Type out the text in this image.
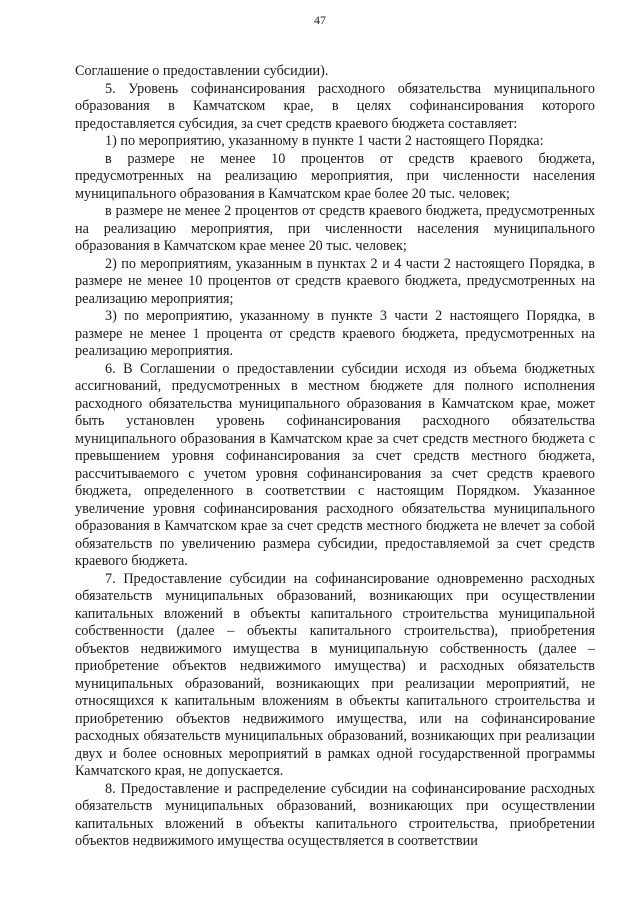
47

Соглашение о предоставлении субсидии).

5. Уровень софинансирования расходного обязательства муниципального образования в Камчатском крае, в целях софинансирования которого предоставляется субсидия, за счет средств краевого бюджета составляет:

1) по мероприятию, указанному в пункте 1 части 2 настоящего Порядка:

в размере не менее 10 процентов от средств краевого бюджета, предусмотренных на реализацию мероприятия, при численности населения муниципального образования в Камчатском крае более 20 тыс. человек;

в размере не менее 2 процентов от средств краевого бюджета, предусмотренных на реализацию мероприятия, при численности населения муниципального образования в Камчатском крае менее 20 тыс. человек;

2) по мероприятиям, указанным в пунктах 2 и 4 части 2 настоящего Порядка, в размере не менее 10 процентов от средств краевого бюджета, предусмотренных на реализацию мероприятия;

3) по мероприятию, указанному в пункте 3 части 2 настоящего Порядка, в размере не менее 1 процента от средств краевого бюджета, предусмотренных на реализацию мероприятия.

6. В Соглашении о предоставлении субсидии исходя из объема бюджетных ассигнований, предусмотренных в местном бюджете для полного исполнения расходного обязательства муниципального образования в Камчатском крае, может быть установлен уровень софинансирования расходного обязательства муниципального образования в Камчатском крае за счет средств местного бюджета с превышением уровня софинансирования за счет средств местного бюджета, рассчитываемого с учетом уровня софинансирования за счет средств краевого бюджета, определенного в соответствии с настоящим Порядком. Указанное увеличение уровня софинансирования расходного обязательства муниципального образования в Камчатском крае за счет средств местного бюджета не влечет за собой обязательств по увеличению размера субсидии, предоставляемой за счет средств краевого бюджета.

7. Предоставление субсидии на софинансирование одновременно расходных обязательств муниципальных образований, возникающих при осуществлении капитальных вложений в объекты капитального строительства муниципальной собственности (далее – объекты капитального строительства), приобретения объектов недвижимого имущества в муниципальную собственность (далее – приобретение объектов недвижимого имущества) и расходных обязательств муниципальных образований, возникающих при реализации мероприятий, не относящихся к капитальным вложениям в объекты капитального строительства и приобретению объектов недвижимого имущества, или на софинансирование расходных обязательств муниципальных образований, возникающих при реализации двух и более основных мероприятий в рамках одной государственной программы Камчатского края, не допускается.

8. Предоставление и распределение субсидии на софинансирование расходных обязательств муниципальных образований, возникающих при осуществлении капитальных вложений в объекты капитального строительства, приобретении объектов недвижимого имущества осуществляется в соответствии
